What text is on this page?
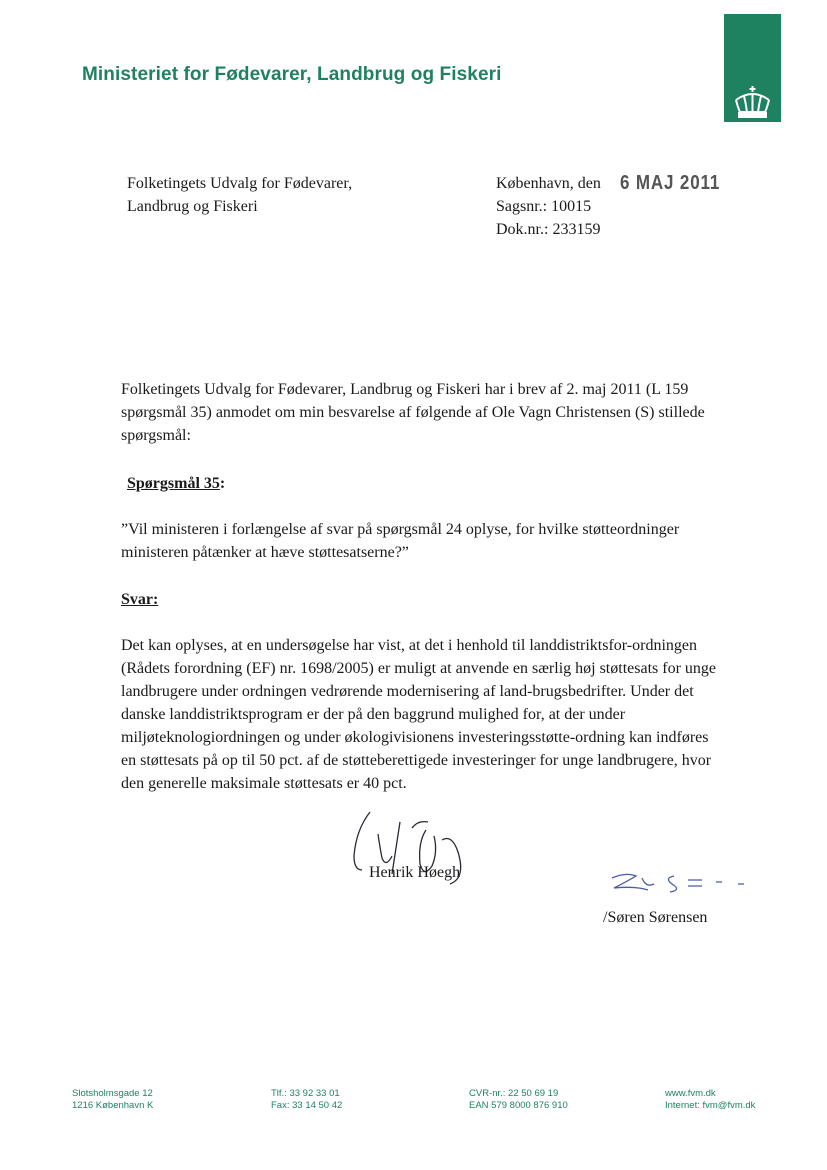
Ministeriet for Fødevarer, Landbrug og Fiskeri
Folketingets Udvalg for Fødevarer,
Landbrug og Fiskeri
København, den
Sagsnr.: 10015
Dok.nr.: 233159
6 MAJ 2011
Folketingets Udvalg for Fødevarer, Landbrug og Fiskeri har i brev af 2. maj 2011 (L 159 spørgsmål 35) anmodet om min besvarelse af følgende af Ole Vagn Christensen (S) stillede spørgsmål:
Spørgsmål 35:
”Vil ministeren i forlængelse af svar på spørgsmål 24 oplyse, for hvilke støtteordninger ministeren påtænker at hæve støttesatserne?”
Svar:
Det kan oplyses, at en undersøgelse har vist, at det i henhold til landdistriktsfor-ordningen (Rådets forordning (EF) nr. 1698/2005) er muligt at anvende en særlig høj støttesats for unge landbrugere under ordningen vedrørende modernisering af land-brugsbedrifter. Under det danske landdistriktsprogram er der på den baggrund mulighed for, at der under miljøteknologiordningen og under økologivisionens investeringsstøtte-ordning kan indføres en støttesats på op til 50 pct. af de støtteberettigede investeringer for unge landbrugere, hvor den generelle maksimale støttesats er 40 pct.
Henrik Høegh
/Søren Sørensen
Slotsholmsgade 12
1216 København K
Tlf.: 33 92 33 01
Fax: 33 14 50 42
CVR-nr.: 22 50 69 19
EAN 579 8000 876 910
www.fvm.dk
Internet: fvm@fvm.dk
